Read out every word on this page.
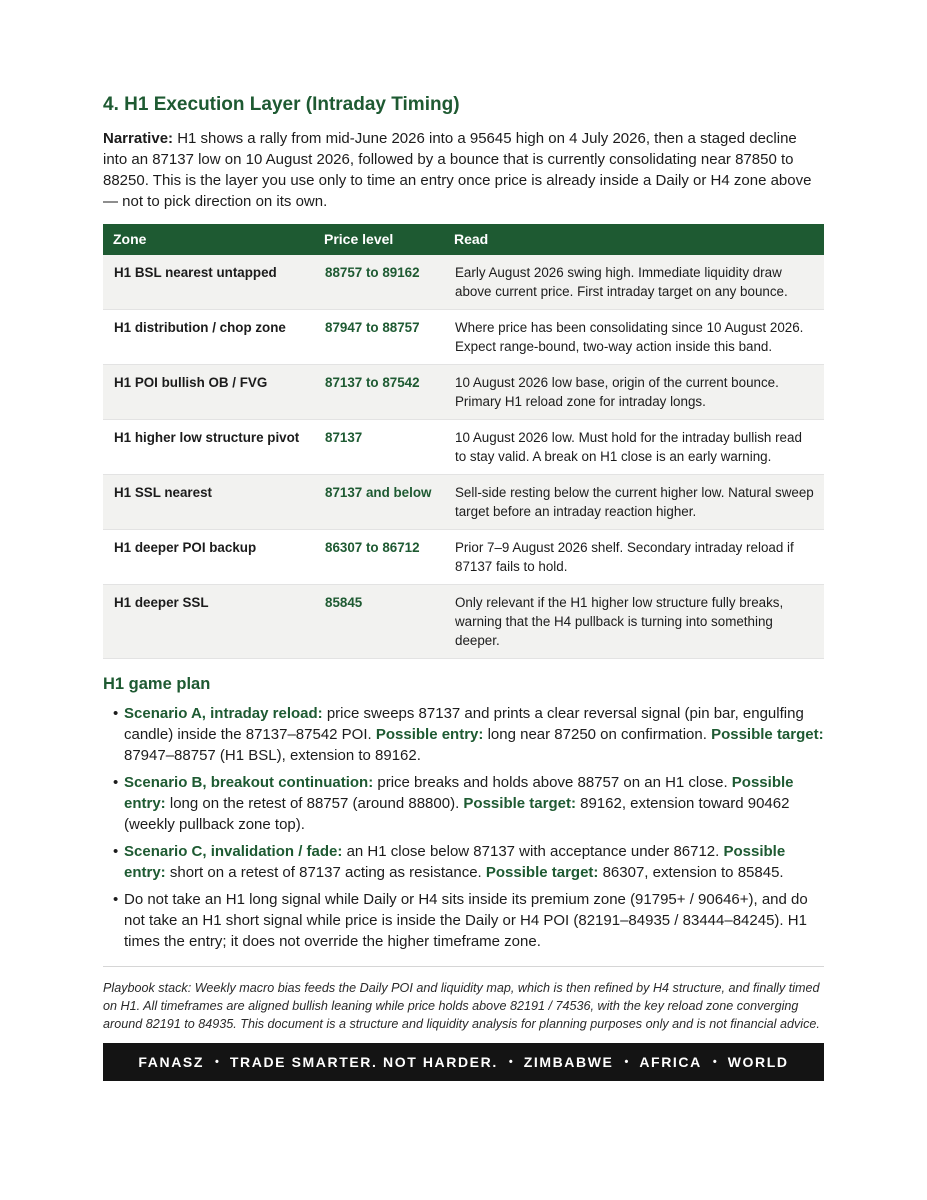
4. H1 Execution Layer (Intraday Timing)

Narrative: H1 shows a rally from mid-June 2026 into a 95645 high on 4 July 2026, then a staged decline into an 87137 low on 10 August 2026, followed by a bounce that is currently consolidating near 87850 to 88250. This is the layer you use only to time an entry once price is already inside a Daily or H4 zone above — not to pick direction on its own.

Zone	Price level	Read
H1 BSL nearest untapped	88757 to 89162	Early August 2026 swing high. Immediate liquidity draw above current price. First intraday target on any bounce.
H1 distribution / chop zone	87947 to 88757	Where price has been consolidating since 10 August 2026. Expect range-bound, two-way action inside this band.
H1 POI bullish OB / FVG	87137 to 87542	10 August 2026 low base, origin of the current bounce. Primary H1 reload zone for intraday longs.
H1 higher low structure pivot	87137	10 August 2026 low. Must hold for the intraday bullish read to stay valid. A break on H1 close is an early warning.
H1 SSL nearest	87137 and below	Sell-side resting below the current higher low. Natural sweep target before an intraday reaction higher.
H1 deeper POI backup	86307 to 86712	Prior 7–9 August 2026 shelf. Secondary intraday reload if 87137 fails to hold.
H1 deeper SSL	85845	Only relevant if the H1 higher low structure fully breaks, warning that the H4 pullback is turning into something deeper.
H1 game plan
• Scenario A, intraday reload: price sweeps 87137 and prints a clear reversal signal (pin bar, engulfing candle) inside the 87137–87542 POI. Possible entry: long near 87250 on confirmation. Possible target: 87947–88757 (H1 BSL), extension to 89162.
• Scenario B, breakout continuation: price breaks and holds above 88757 on an H1 close. Possible entry: long on the retest of 88757 (around 88800). Possible target: 89162, extension toward 90462 (weekly pullback zone top).
• Scenario C, invalidation / fade: an H1 close below 87137 with acceptance under 86712. Possible entry: short on a retest of 87137 acting as resistance. Possible target: 86307, extension to 85845.
• Do not take an H1 long signal while Daily or H4 sits inside its premium zone (91795+ / 90646+), and do not take an H1 short signal while price is inside the Daily or H4 POI (82191–84935 / 83444–84245). H1 times the entry; it does not override the higher timeframe zone.

Playbook stack: Weekly macro bias feeds the Daily POI and liquidity map, which is then refined by H4 structure, and finally timed on H1. All timeframes are aligned bullish leaning while price holds above 82191 / 74536, with the key reload zone converging around 82191 to 84935. This document is a structure and liquidity analysis for planning purposes only and is not financial advice.

FANASZ • TRADE SMARTER. NOT HARDER. • ZIMBABWE • AFRICA • WORLD
